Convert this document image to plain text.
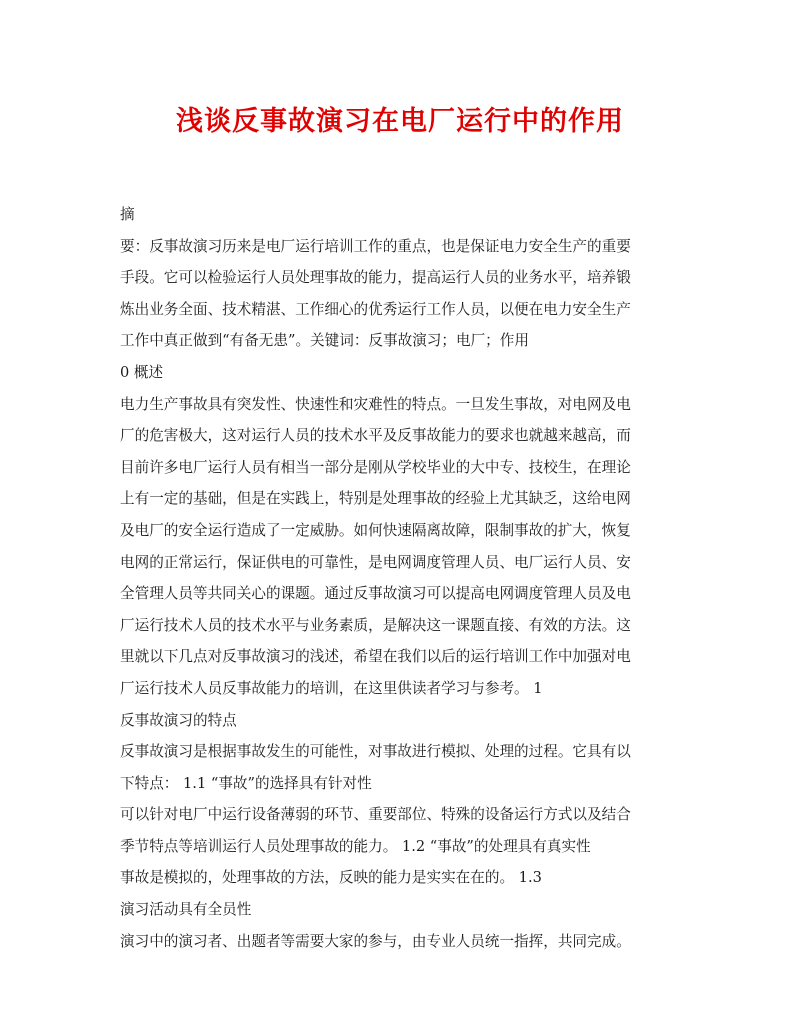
浅谈反事故演习在电厂运行中的作用
摘
要：反事故演习历来是电厂运行培训工作的重点，也是保证电力安全生产的重要
手段。它可以检验运行人员处理事故的能力，提高运行人员的业务水平，培养锻
炼出业务全面、技术精湛、工作细心的优秀运行工作人员，以便在电力安全生产
工作中真正做到“有备无患”。关键词：反事故演习；电厂；作用
0 概述
电力生产事故具有突发性、快速性和灾难性的特点。一旦发生事故，对电网及电
厂的危害极大，这对运行人员的技术水平及反事故能力的要求也就越来越高，而
目前许多电厂运行人员有相当一部分是刚从学校毕业的大中专、技校生，在理论
上有一定的基础，但是在实践上，特别是处理事故的经验上尤其缺乏，这给电网
及电厂的安全运行造成了一定威胁。如何快速隔离故障，限制事故的扩大，恢复
电网的正常运行，保证供电的可靠性，是电网调度管理人员、电厂运行人员、安
全管理人员等共同关心的课题。通过反事故演习可以提高电网调度管理人员及电
厂运行技术人员的技术水平与业务素质，是解决这一课题直接、有效的方法。这
里就以下几点对反事故演习的浅述，希望在我们以后的运行培训工作中加强对电
厂运行技术人员反事故能力的培训，在这里供读者学习与参考。 1
反事故演习的特点
反事故演习是根据事故发生的可能性，对事故进行模拟、处理的过程。它具有以
下特点： 1.1 “事故”的选择具有针对性
可以针对电厂中运行设备薄弱的环节、重要部位、特殊的设备运行方式以及结合
季节特点等培训运行人员处理事故的能力。 1.2 “事故”的处理具有真实性
事故是模拟的，处理事故的方法，反映的能力是实实在在的。 1.3
演习活动具有全员性
演习中的演习者、出题者等需要大家的参与，由专业人员统一指挥，共同完成。
